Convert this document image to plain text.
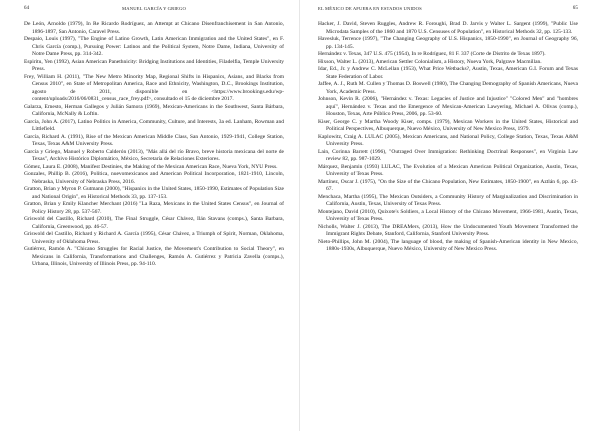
64	MANUEL GARCÍA Y GRIEGO

De León, Arnoldo (1979), In Re Ricardo Rodríguez, an Attempt at Chicano Disenfranchisement in San Antonio, 1896-1897, San Antonio, Caravel Press.

Despaio, Louis (1997), "The Engine of Latino Growth, Latin American Immigration and the United States", en F. Chris García (comp.), Pursuing Power: Latinos and the Political System, Notre Dame, Indiana, University of Notre Dame Press, pp. 314-342.

Espiritu, Yen (1992), Asian American Panethnicity: Bridging Institutions and Identities, Filadelfia, Temple University Press.

Frey, William H. (2011), "The New Metro Minority Map, Regional Shifts in Hispanics, Asians, and Blacks from Census 2010", en State of Metropolitan America, Race and Ethnicity, Washington, D.C., Brookings Institution, agosto de 2011, disponible en <https://www.brookings.edu/wp-content/uploads/2016/06/0831_census_race_frey.pdf>, consultado el 15 de diciembre 2017.

Galarza, Ernesto, Herman Gallegos y Julián Samora (1969), Mexican-Americans in the Southwest, Santa Bárbara, California, McNally & Loftin.

García, John A. (2017), Latino Politics in America, Community, Culture, and Interests, 3a ed. Lanham, Rowman and Littlefield.

García, Richard A. (1991), Rise of the Mexican American Middle Class, San Antonio, 1929-1941, College Station, Texas, Texas A&M University Press.

García y Griego, Manuel y Roberto Calderón (2013), "Más allá del río Bravo, breve historia mexicana del norte de Texas", Archivo Histórico Diplomático, México, Secretaría de Relaciones Exteriores.

Gómez, Laura E. (2008), Manifest Destinies, the Making of the Mexican American Race, Nueva York, NYU Press.

Gonzales, Phillip B. (2016), Política, nuevomexicanos and American Political Incorporation, 1821-1910, Lincoln, Nebraska, University of Nebraska Press, 2016.

Gratton, Brian y Myron P. Gutmann (2000), "Hispanics in the United States, 1850-1990, Estimates of Population Size and National Origin", en Historical Methods 33, pp. 137-153.

Gratton, Brian y Emily Klancher Merchant (2016) "La Raza, Mexicans in the United States Census", en Journal of Policy History 28, pp. 537-567.

Griswold del Castillo, Richard (2010), The Final Struggle, César Chávez, Ilán Stavans (comps.), Santa Barbara, California, Greenwood, pp. 46-57.

Griswold del Castillo, Richard y Richard A. García (1995), César Chávez, a Triumph of Spirit, Norman, Oklahoma, University of Oklahoma Press.

Gutiérrez, Ramón A. "Chicano Struggles for Racial Justice, the Movement's Contribution to Social Theory", en Mexicans in California, Transformations and Challenges, Ramón A. Gutiérrez y Patricia Zavella (comps.), Urbana, Illinois, University of Illinois Press, pp. 94-110.

EL MÉXICO DE AFUERA EN ESTADOS UNIDOS	65

Hacker, J. David, Steven Ruggles, Andrew R. Foroughi, Brad D. Jarvis y Walter L. Sargent (1999), "Public Use Microdata Samples of the 1860 and 1870 U.S. Censuses of Population", en Historical Methods 32, pp. 125-133.

Havesluk, Terrence (1997), "The Changing Geography of U.S. Hispanics, 1850-1990", en Journal of Geography 96, pp. 134-145.

Hernández v. Texas, 347 U.S. 475 (1954), In re Rodríguez, 81 F. 337 (Corte de Distrito de Texas 1897).

Hixson, Walter L. (2013), American Settler Colonialism, a History, Nueva York, Palgrave Macmillan.

Idar, Ed., Jr. y Andrew C. McLellan (1953), What Price Wetbacks?, Austin, Texas, American G.I. Forum and Texas State Federation of Labor.

Jaffee, A. J., Ruth M. Cullen y Thomas D. Boswell (1980), The Changing Demography of Spanish Americans, Nueva York, Academic Press.

Johnson, Kevin R. (2006), "Hernández v. Texas: Legacies of Justice and Injustice" "Colored Men" and "hombres aquí", Hernández v. Texas and the Emergence of Mexican-American Lawyering, Michael A. Olivas (comp.), Houston, Texas, Arte Público Press, 2006, pp. 53-60.

Kiser, George C. y Martha Woody Kiser, comps. (1979), Mexican Workers in the United States, Historical and Political Perspectives, Albuquerque, Nuevo México, University of New Mexico Press, 1979.

Kaplowitz, Craig A. LULAC (2005), Mexican Americans, and National Policy, College Station, Texas, Texas A&M University Press.

Lain, Corinna Barrett (1996), "Outraged Over Immigration: Rethinking Doctrinal Responses", en Virginia Law review 82, pp. 987-1029.

Márquez, Benjamin (1993) LULAC, The Evolution of a Mexican American Political Organization, Austin, Texas, University of Texas Press.

Martínez, Oscar J. (1975), "On the Size of the Chicano Population, New Estimates, 1850-1900", en Aztlán 6, pp. 43-67.

Menchaca, Martha (1995), The Mexican Outsiders, a Community History of Marginalization and Discrimination in California, Austin, Texas, University of Texas Press.

Montejano, David (2010), Quixote's Soldiers, a Local History of the Chicano Movement, 1966-1981, Austin, Texas, University of Texas Press.

Nicholls, Walter J. (2013), The DREAMers, (2013), How the Undocumented Youth Movement Transformed the Immigrant Rights Debate, Stanford, California, Stanford University Press.

Nieto-Phillips, John M. (2004), The language of blood, the making of Spanish-American identity in New Mexico, 1880s-1930s, Albuquerque, Nuevo México, University of New Mexico Press.
